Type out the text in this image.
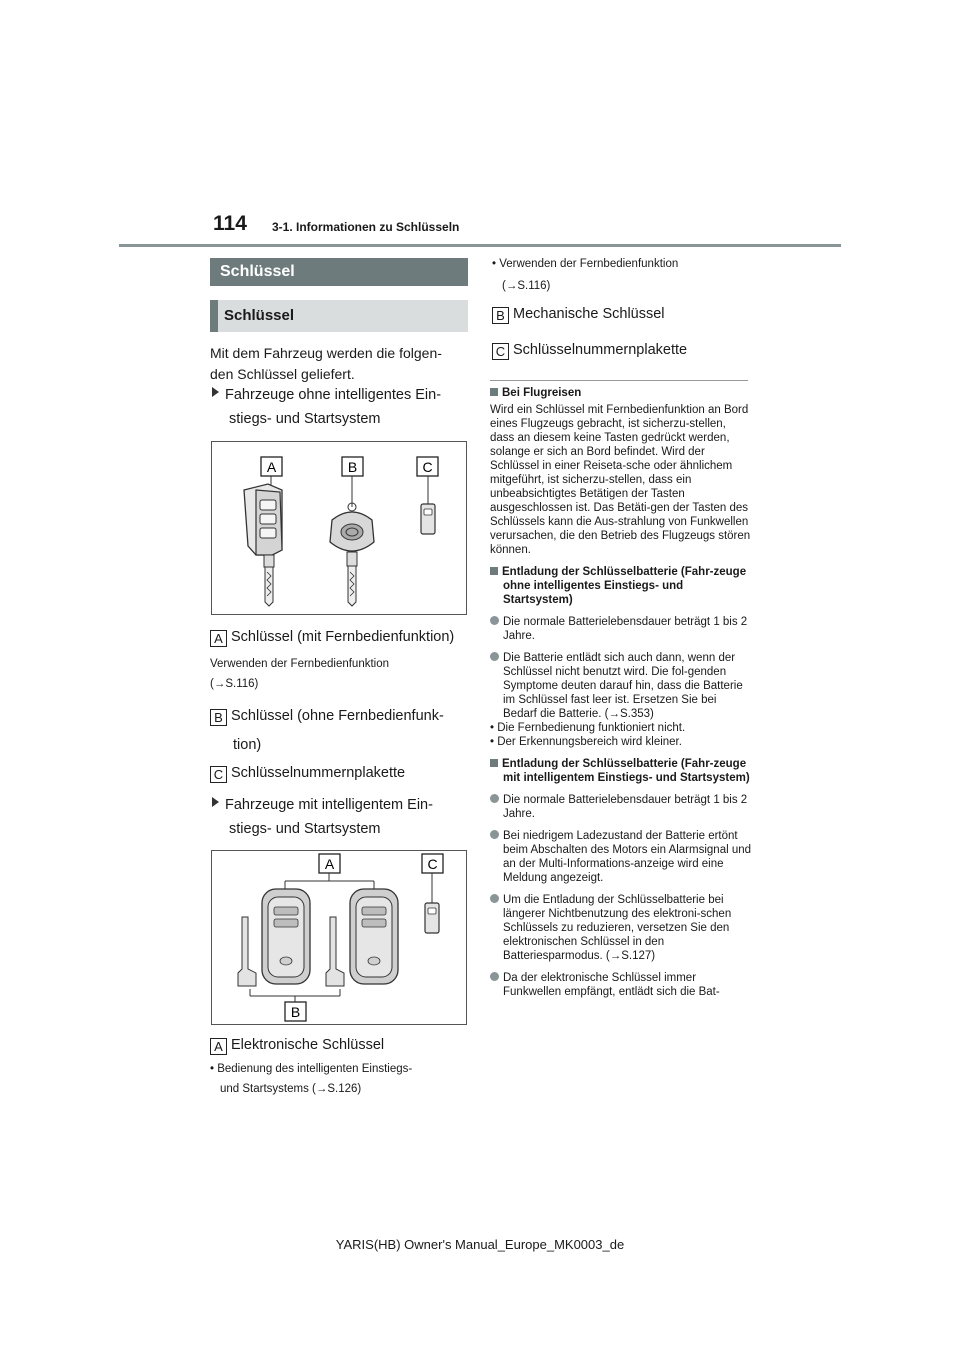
114 3-1. Informationen zu Schlüsseln
Schlüssel
Schlüssel
Mit dem Fahrzeug werden die folgen-
den Schlüssel geliefert.
Fahrzeuge ohne intelligentes Ein-
stiegs- und Startsystem
A	B	C
A Schlüssel (mit Fernbedienfunktion)
Verwenden der Fernbedienfunktion
(→S.116)
B Schlüssel (ohne Fernbedienfunk-
tion)
C Schlüsselnummernplakette
Fahrzeuge mit intelligentem Ein-
stiegs- und Startsystem
A	C
B
A Elektronische Schlüssel
• Bedienung des intelligenten Einstiegs-
und Startsystems (→S.126)
• Verwenden der Fernbedienfunktion
(→S.116)
B Mechanische Schlüssel
C Schlüsselnummernplakette
Bei Flugreisen
Wird ein Schlüssel mit Fernbedienfunktion an Bord eines Flugzeugs gebracht, ist sicherzu-stellen, dass an diesem keine Tasten gedrückt werden, solange er sich an Bord befindet. Wird der Schlüssel in einer Reiseta-sche oder ähnlichem mitgeführt, ist sicherzu-stellen, dass ein unbeabsichtigtes Betätigen der Tasten ausgeschlossen ist. Das Betäti-gen der Tasten des Schlüssels kann die Aus-strahlung von Funkwellen verursachen, die den Betrieb des Flugzeugs stören können.
Entladung der Schlüsselbatterie (Fahr-zeuge ohne intelligentes Einstiegs- und Startsystem)
Die normale Batterielebensdauer beträgt 1 bis 2 Jahre.
Die Batterie entlädt sich auch dann, wenn der Schlüssel nicht benutzt wird. Die fol-genden Symptome deuten darauf hin, dass die Batterie im Schlüssel fast leer ist. Ersetzen Sie bei Bedarf die Batterie. (→S.353)
• Die Fernbedienung funktioniert nicht.
• Der Erkennungsbereich wird kleiner.
Entladung der Schlüsselbatterie (Fahr-zeuge mit intelligentem Einstiegs- und Startsystem)
Die normale Batterielebensdauer beträgt 1 bis 2 Jahre.
Bei niedrigem Ladezustand der Batterie ertönt beim Abschalten des Motors ein Alarmsignal und an der Multi-Informations-anzeige wird eine Meldung angezeigt.
Um die Entladung der Schlüsselbatterie bei längerer Nichtbenutzung des elektroni-schen Schlüssels zu reduzieren, versetzen Sie den elektronischen Schlüssel in den Batteriesparmodus. (→S.127)
Da der elektronische Schlüssel immer Funkwellen empfängt, entlädt sich die Bat-
YARIS(HB) Owner's Manual_Europe_MK0003_de
